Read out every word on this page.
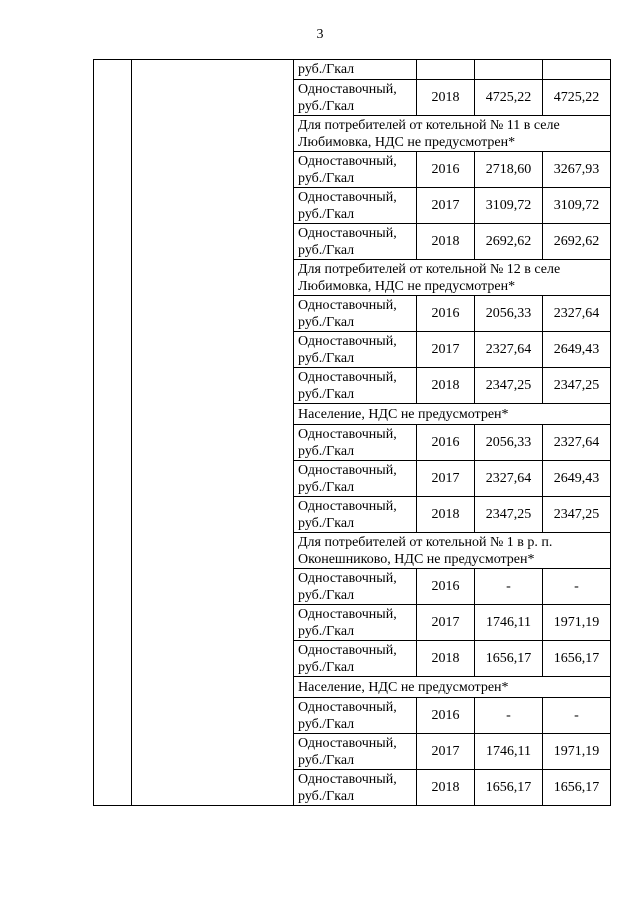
3
		руб./Гкал			
		Одноставочный, руб./Гкал	2018	4725,22	4725,22
		Для потребителей от котельной № 11 в селе Любимовка, НДС не предусмотрен*			
		Одноставочный, руб./Гкал	2016	2718,60	3267,93
		Одноставочный, руб./Гкал	2017	3109,72	3109,72
		Одноставочный, руб./Гкал	2018	2692,62	2692,62
		Для потребителей от котельной № 12 в селе Любимовка, НДС не предусмотрен*			
		Одноставочный, руб./Гкал	2016	2056,33	2327,64
		Одноставочный, руб./Гкал	2017	2327,64	2649,43
		Одноставочный, руб./Гкал	2018	2347,25	2347,25
		Население, НДС не предусмотрен*			
		Одноставочный, руб./Гкал	2016	2056,33	2327,64
		Одноставочный, руб./Гкал	2017	2327,64	2649,43
		Одноставочный, руб./Гкал	2018	2347,25	2347,25
		Для потребителей от котельной № 1 в р. п. Оконешниково, НДС не предусмотрен*			
		Одноставочный, руб./Гкал	2016	-	-
		Одноставочный, руб./Гкал	2017	1746,11	1971,19
		Одноставочный, руб./Гкал	2018	1656,17	1656,17
		Население, НДС не предусмотрен*			
		Одноставочный, руб./Гкал	2016	-	-
		Одноставочный, руб./Гкал	2017	1746,11	1971,19
		Одноставочный, руб./Гкал	2018	1656,17	1656,17
